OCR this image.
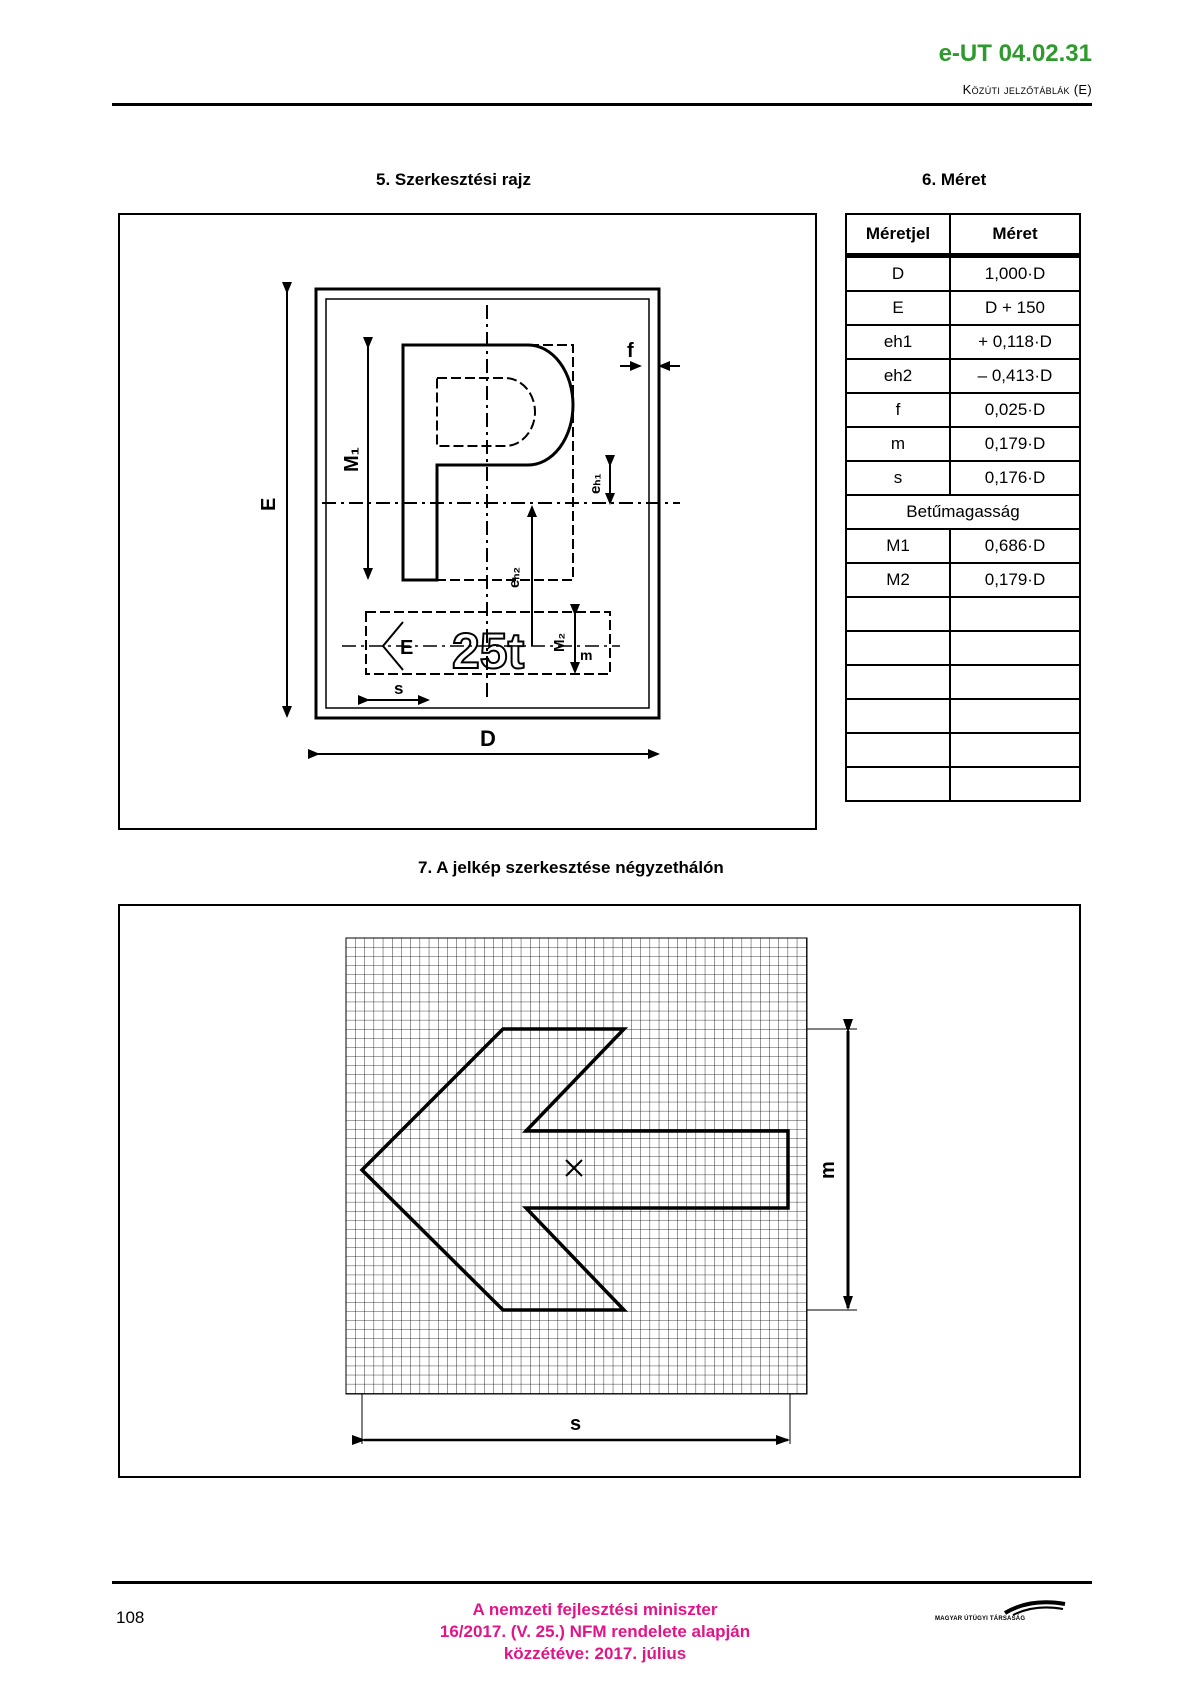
e-UT 04.02.31
Közúti jelzőtáblák (E)
5. Szerkesztési rajz	6. Méret
E 25t	m
E
D
M₁
eₕ₁
eₕ₂
M₂
f
s
Méretjel	Méret
D	1,000·D
E	D + 150
eh1	+ 0,118·D
eh2	– 0,413·D
f	0,025·D
m	0,179·D
s	0,176·D
Betűmagasság	
M1	0,686·D
M2	0,179·D

7. A jelkép szerkesztése négyzethálón
m
s
108	A nemzeti fejlesztési miniszter
16/2017. (V. 25.) NFM rendelete alapján
közzétéve: 2017. július
MAGYAR ÚTÜGYI TÁRSASÁG
